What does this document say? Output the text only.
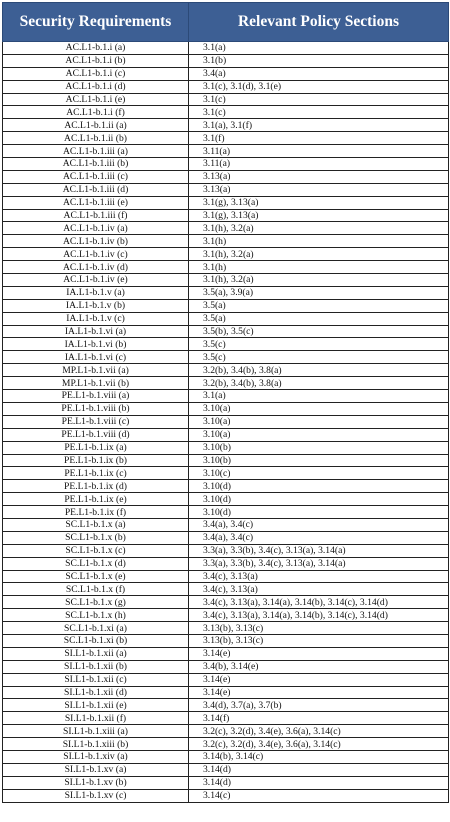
Security Requirements	Relevant Policy Sections
AC.L1-b.1.i (a)	3.1(a)
AC.L1-b.1.i (b)	3.1(b)
AC.L1-b.1.i (c)	3.4(a)
AC.L1-b.1.i (d)	3.1(c), 3.1(d), 3.1(e)
AC.L1-b.1.i (e)	3.1(c)
AC.L1-b.1.i (f)	3.1(c)
AC.L1-b.1.ii (a)	3.1(a), 3.1(f)
AC.L1-b.1.ii (b)	3.1(f)
AC.L1-b.1.iii (a)	3.11(a)
AC.L1-b.1.iii (b)	3.11(a)
AC.L1-b.1.iii (c)	3.13(a)
AC.L1-b.1.iii (d)	3.13(a)
AC.L1-b.1.iii (e)	3.1(g), 3.13(a)
AC.L1-b.1.iii (f)	3.1(g), 3.13(a)
AC.L1-b.1.iv (a)	3.1(h), 3.2(a)
AC.L1-b.1.iv (b)	3.1(h)
AC.L1-b.1.iv (c)	3.1(h), 3.2(a)
AC.L1-b.1.iv (d)	3.1(h)
AC.L1-b.1.iv (e)	3.1(h), 3.2(a)
IA.L1-b.1.v (a)	3.5(a), 3.9(a)
IA.L1-b.1.v (b)	3.5(a)
IA.L1-b.1.v (c)	3.5(a)
IA.L1-b.1.vi (a)	3.5(b), 3.5(c)
IA.L1-b.1.vi (b)	3.5(c)
IA.L1-b.1.vi (c)	3.5(c)
MP.L1-b.1.vii (a)	3.2(b), 3.4(b), 3.8(a)
MP.L1-b.1.vii (b)	3.2(b), 3.4(b), 3.8(a)
PE.L1-b.1.viii (a)	3.1(a)
PE.L1-b.1.viii (b)	3.10(a)
PE.L1-b.1.viii (c)	3.10(a)
PE.L1-b.1.viii (d)	3.10(a)
PE.L1-b.1.ix (a)	3.10(b)
PE.L1-b.1.ix (b)	3.10(b)
PE.L1-b.1.ix (c)	3.10(c)
PE.L1-b.1.ix (d)	3.10(d)
PE.L1-b.1.ix (e)	3.10(d)
PE.L1-b.1.ix (f)	3.10(d)
SC.L1-b.1.x (a)	3.4(a), 3.4(c)
SC.L1-b.1.x (b)	3.4(a), 3.4(c)
SC.L1-b.1.x (c)	3.3(a), 3.3(b), 3.4(c), 3.13(a), 3.14(a)
SC.L1-b.1.x (d)	3.3(a), 3.3(b), 3.4(c), 3.13(a), 3.14(a)
SC.L1-b.1.x (e)	3.4(c), 3.13(a)
SC.L1-b.1.x (f)	3.4(c), 3.13(a)
SC.L1-b.1.x (g)	3.4(c), 3.13(a), 3.14(a), 3.14(b), 3.14(c), 3.14(d)
SC.L1-b.1.x (h)	3.4(c), 3.13(a), 3.14(a), 3.14(b), 3.14(c), 3.14(d)
SC.L1-b.1.xi (a)	3.13(b), 3.13(c)
SC.L1-b.1.xi (b)	3.13(b), 3.13(c)
SI.L1-b.1.xii (a)	3.14(e)
SI.L1-b.1.xii (b)	3.4(b), 3.14(e)
SI.L1-b.1.xii (c)	3.14(e)
SI.L1-b.1.xii (d)	3.14(e)
SI.L1-b.1.xii (e)	3.4(d), 3.7(a), 3.7(b)
SI.L1-b.1.xii (f)	3.14(f)
SI.L1-b.1.xiii (a)	3.2(c), 3.2(d), 3.4(e), 3.6(a), 3.14(c)
SI.L1-b.1.xiii (b)	3.2(c), 3.2(d), 3.4(e), 3.6(a), 3.14(c)
SI.L1-b.1.xiv (a)	3.14(b), 3.14(c)
SI.L1-b.1.xv (a)	3.14(d)
SI.L1-b.1.xv (b)	3.14(d)
SI.L1-b.1.xv (c)	3.14(c)
